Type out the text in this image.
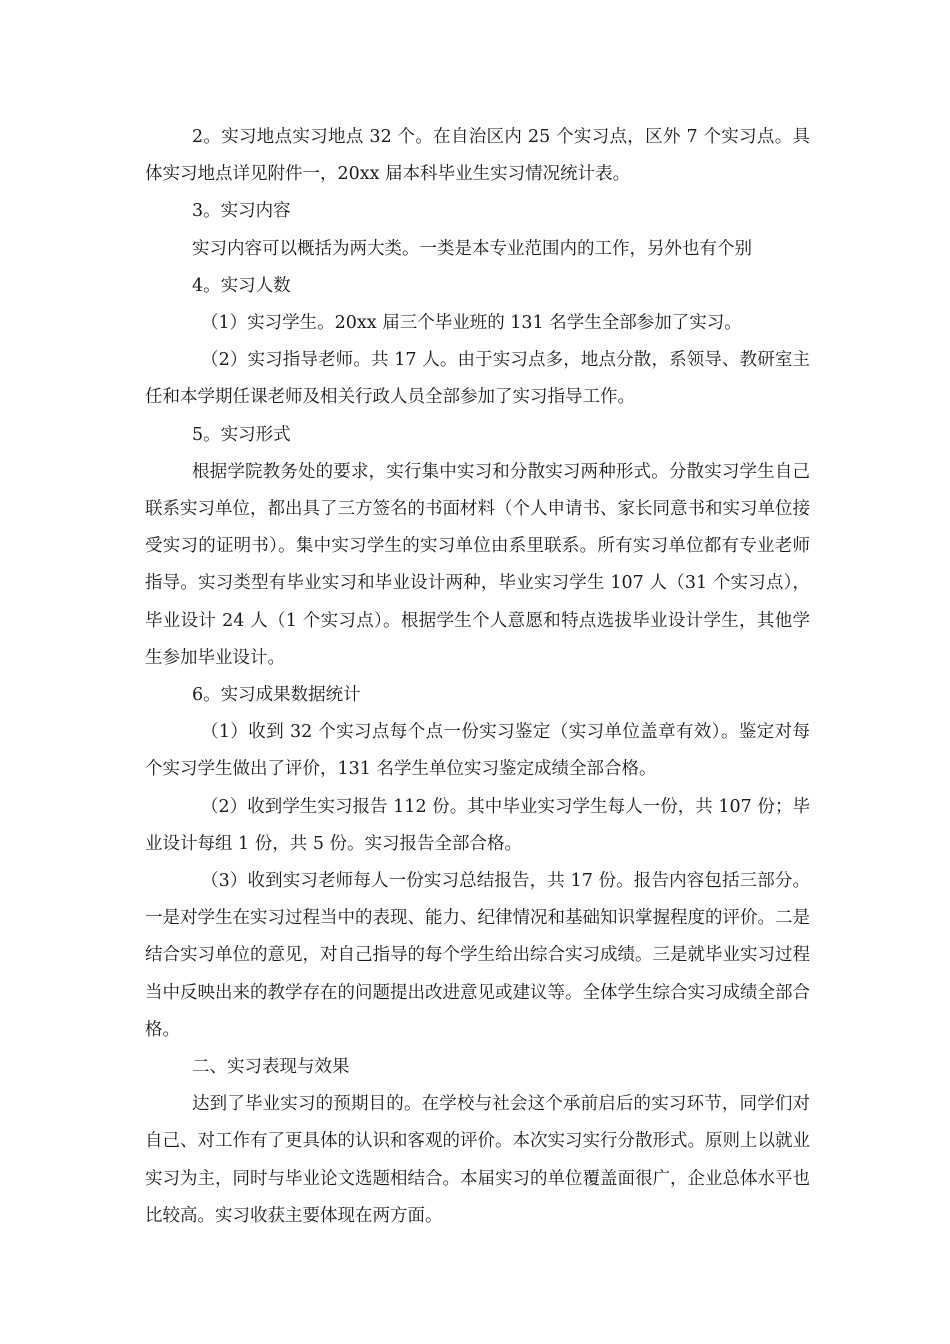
2。实习地点实习地点 32 个。在自治区内 25 个实习点，区外 7 个实习点。具体实习地点详见附件一，20xx 届本科毕业生实习情况统计表。

3。实习内容

实习内容可以概括为两大类。一类是本专业范围内的工作，另外也有个别

4。实习人数

（1）实习学生。20xx 届三个毕业班的 131 名学生全部参加了实习。

（2）实习指导老师。共 17 人。由于实习点多，地点分散，系领导、教研室主任和本学期任课老师及相关行政人员全部参加了实习指导工作。

5。实习形式

根据学院教务处的要求，实行集中实习和分散实习两种形式。分散实习学生自己联系实习单位，都出具了三方签名的书面材料（个人申请书、家长同意书和实习单位接受实习的证明书）。集中实习学生的实习单位由系里联系。所有实习单位都有专业老师指导。实习类型有毕业实习和毕业设计两种，毕业实习学生 107 人（31 个实习点），毕业设计 24 人（1 个实习点）。根据学生个人意愿和特点选拔毕业设计学生，其他学生参加毕业设计。

6。实习成果数据统计

（1）收到 32 个实习点每个点一份实习鉴定（实习单位盖章有效）。鉴定对每个实习学生做出了评价，131 名学生单位实习鉴定成绩全部合格。

（2）收到学生实习报告 112 份。其中毕业实习学生每人一份，共 107 份；毕业设计每组 1 份，共 5 份。实习报告全部合格。

（3）收到实习老师每人一份实习总结报告，共 17 份。报告内容包括三部分。一是对学生在实习过程当中的表现、能力、纪律情况和基础知识掌握程度的评价。二是结合实习单位的意见，对自己指导的每个学生给出综合实习成绩。三是就毕业实习过程当中反映出来的教学存在的问题提出改进意见或建议等。全体学生综合实习成绩全部合格。

二、实习表现与效果

达到了毕业实习的预期目的。在学校与社会这个承前启后的实习环节，同学们对自己、对工作有了更具体的认识和客观的评价。本次实习实行分散形式。原则上以就业实习为主，同时与毕业论文选题相结合。本届实习的单位覆盖面很广，企业总体水平也比较高。实习收获主要体现在两方面。
